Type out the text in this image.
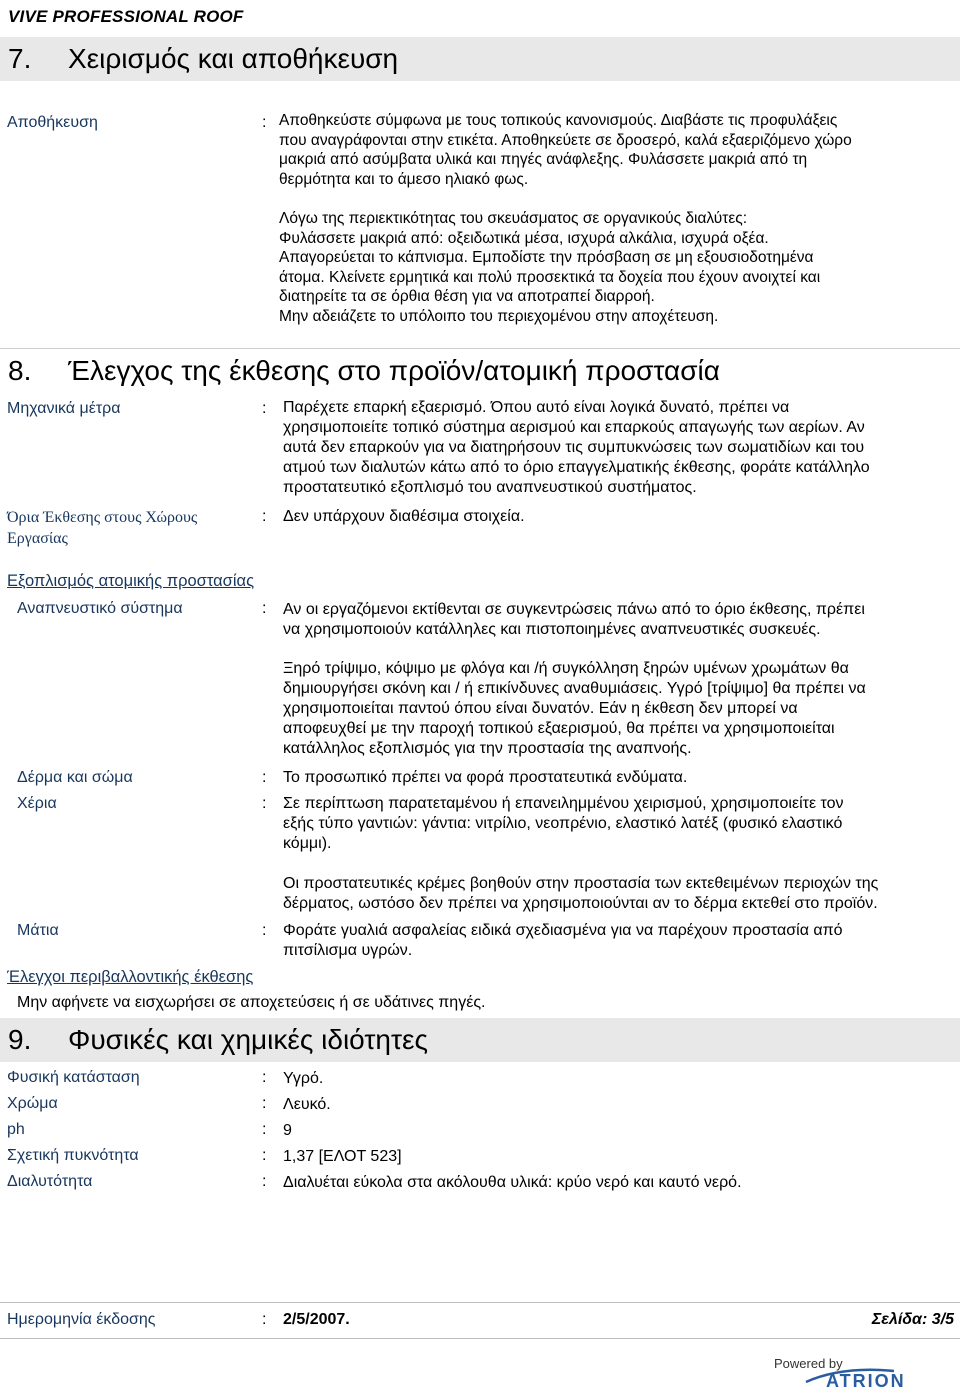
VIVE PROFESSIONAL ROOF
7. Χειρισμός και αποθήκευση
Αποθήκευση	: Αποθηκεύστε σύμφωνα με τους τοπικούς κανονισμούς. Διαβάστε τις προφυλάξεις
που αναγράφονται στην ετικέτα. Αποθηκεύετε σε δροσερό, καλά εξαεριζόμενο χώρο
μακριά από ασύμβατα υλικά και πηγές ανάφλεξης. Φυλάσσετε μακριά από τη
θερμότητα και το άμεσο ηλιακό φως.
Λόγω της περιεκτικότητας του σκευάσματος σε οργανικούς διαλύτες:
Φυλάσσετε μακριά από: οξειδωτικά μέσα, ισχυρά αλκάλια, ισχυρά οξέα.
Απαγορεύεται το κάπνισμα. Εμποδίστε την πρόσβαση σε μη εξουσιοδοτημένα
άτομα. Κλείνετε ερμητικά και πολύ προσεκτικά τα δοχεία που έχουν ανοιχτεί και
διατηρείτε τα σε όρθια θέση για να αποτραπεί διαρροή.
Μην αδειάζετε το υπόλοιπο του περιεχομένου στην αποχέτευση.
8. Έλεγχος της έκθεσης στο προϊόν/ατομική προστασία
Μηχανικά μέτρα	: Παρέχετε επαρκή εξαερισμό. Όπου αυτό είναι λογικά δυνατό, πρέπει να
χρησιμοποιείτε τοπικό σύστημα αερισμού και επαρκούς απαγωγής των αερίων. Αν
αυτά δεν επαρκούν για να διατηρήσουν τις συμπυκνώσεις των σωματιδίων και του
ατμού των διαλυτών κάτω από το όριο επαγγελματικής έκθεσης, φοράτε κατάλληλο
προστατευτικό εξοπλισμό του αναπνευστικού συστήματος.
Όρια Έκθεσης στους Χώρους
Εργασίας
: Δεν υπάρχουν διαθέσιμα στοιχεία.
Εξοπλισμός ατομικής προστασίας
Αναπνευστικό σύστημα	: Αν οι εργαζόμενοι εκτίθενται σε συγκεντρώσεις πάνω από το όριο έκθεσης, πρέπει
να χρησιμοποιούν κατάλληλες και πιστοποιημένες αναπνευστικές συσκευές.
Ξηρό τρίψιμο, κόψιμο με φλόγα και /ή συγκόλληση ξηρών υμένων χρωμάτων θα
δημιουργήσει σκόνη και / ή επικίνδυνες αναθυμιάσεις. Υγρό [τρίψιμο] θα πρέπει να
χρησιμοποιείται παντού όπου είναι δυνατόν. Εάν η έκθεση δεν μπορεί να
αποφευχθεί με την παροχή τοπικού εξαερισμού, θα πρέπει να χρησιμοποιείται
κατάλληλος εξοπλισμός για την προστασία της αναπνοής.
Δέρμα και σώμα	: Το προσωπικό πρέπει να φορά προστατευτικά ενδύματα.
Χέρια	: Σε περίπτωση παρατεταμένου ή επανειλημμένου χειρισμού, χρησιμοποιείτε τον
εξής τύπο γαντιών: γάντια: νιτρίλιο, νεοπρένιο, ελαστικό λατέξ (φυσικό ελαστικό
κόμμι).
Οι προστατευτικές κρέμες βοηθούν στην προστασία των εκτεθειμένων περιοχών της
δέρματος, ωστόσο δεν πρέπει να χρησιμοποιούνται αν το δέρμα εκτεθεί στο προϊόν.
Μάτια	: Φοράτε γυαλιά ασφαλείας ειδικά σχεδιασμένα για να παρέχουν προστασία από
πιτσίλισμα υγρών.
Έλεγχοι περιβαλλοντικής έκθεσης
Μην αφήνετε να εισχωρήσει σε αποχετεύσεις ή σε υδάτινες πηγές.
9. Φυσικές και χημικές ιδιότητες
Φυσική κατάσταση	: Υγρό.
Χρώμα	: Λευκό.
ph	: 9
Σχετική πυκνότητα	: 1,37 [ΕΛΟΤ 523]
Διαλυτότητα	: Διαλυέται εύκολα στα ακόλουθα υλικά: κρύο νερό και καυτό νερό.
Ημερομηνία έκδοσης	: 2/5/2007.	Σελίδα: 3/5
Powered by
ATRION
